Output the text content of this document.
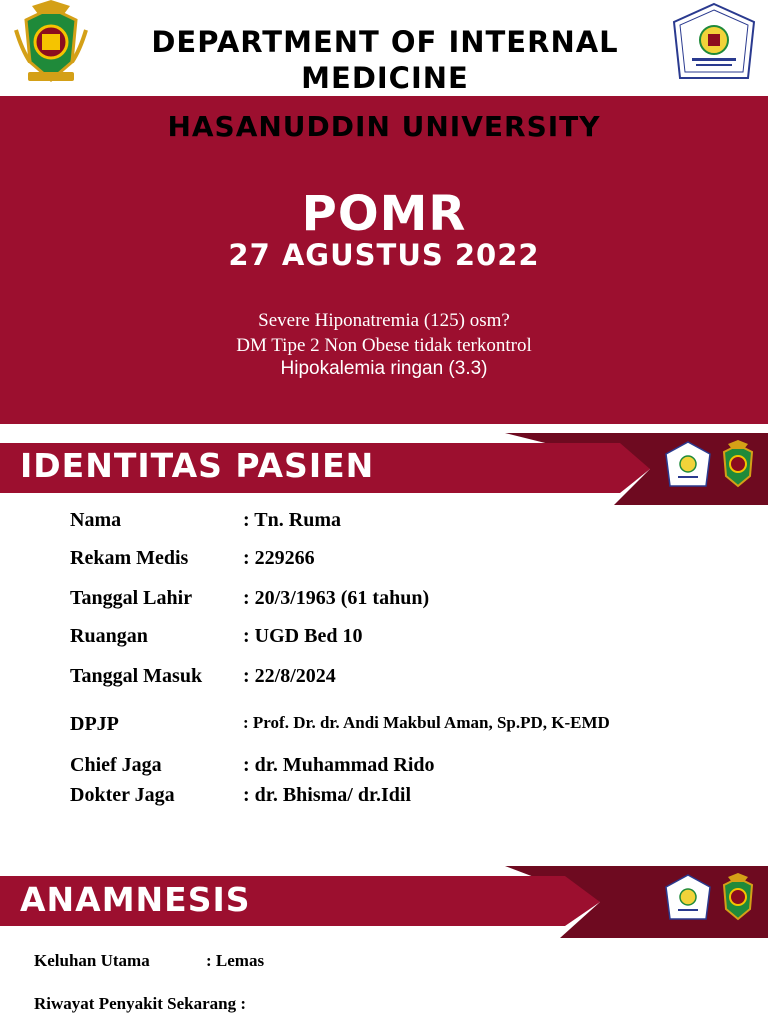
DEPARTMENT OF INTERNAL MEDICINE
HASANUDDIN UNIVERSITY
POMR
27 AGUSTUS 2022
Severe Hiponatremia (125) osm?
DM Tipe 2 Non Obese tidak terkontrol
Hipokalemia ringan (3.3)
IDENTITAS PASIEN
Nama	: Tn. Ruma
Rekam Medis	: 229266
Tanggal Lahir	: 20/3/1963 (61 tahun)
Ruangan	: UGD Bed 10
Tanggal Masuk : 22/8/2024
DPJP	: Prof. Dr. dr. Andi Makbul Aman, Sp.PD, K-EMD
Chief Jaga	: dr. Muhammad Rido
Dokter Jaga	: dr. Bhisma/ dr.Idil
ANAMNESIS
Keluhan Utama	: Lemas
Riwayat Penyakit Sekarang :
